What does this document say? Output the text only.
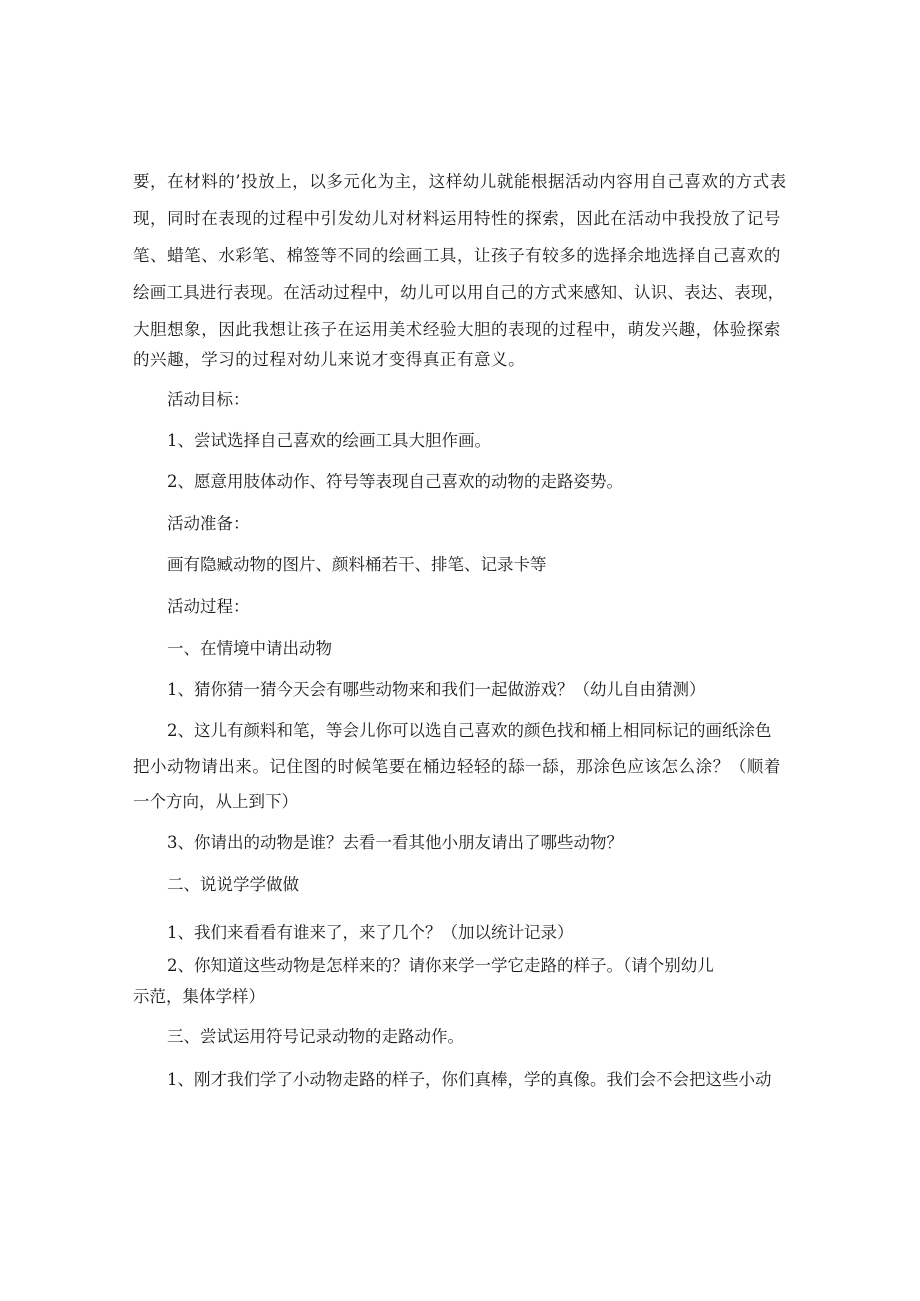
要，在材料的’投放上，以多元化为主，这样幼儿就能根据活动内容用自己喜欢的方式表

现，同时在表现的过程中引发幼儿对材料运用特性的探索，因此在活动中我投放了记号

笔、蜡笔、水彩笔、棉签等不同的绘画工具，让孩子有较多的选择余地选择自己喜欢的

绘画工具进行表现。在活动过程中，幼儿可以用自己的方式来感知、认识、表达、表现，

大胆想象，因此我想让孩子在运用美术经验大胆的表现的过程中，萌发兴趣，体验探索

的兴趣，学习的过程对幼儿来说才变得真正有意义。

活动目标：

1、尝试选择自己喜欢的绘画工具大胆作画。

2、愿意用肢体动作、符号等表现自己喜欢的动物的走路姿势。

活动准备：

画有隐臧动物的图片、颜料桶若干、排笔、记录卡等

活动过程：

一、在情境中请出动物

1、猜你猜一猜今天会有哪些动物来和我们一起做游戏？（幼儿自由猜测）

2、这儿有颜料和笔，等会儿你可以选自己喜欢的颜色找和桶上相同标记的画纸涂色

把小动物请出来。记住图的时候笔要在桶边轻轻的舔一舔，那涂色应该怎么涂？（顺着

一个方向，从上到下）

3、你请出的动物是谁？去看一看其他小朋友请出了哪些动物？

二、说说学学做做

1、我们来看看有谁来了，来了几个？（加以统计记录）

2、你知道这些动物是怎样来的？请你来学一学它走路的样子。（请个别幼儿

示范，集体学样）

三、尝试运用符号记录动物的走路动作。

1、刚才我们学了小动物走路的样子，你们真棒，学的真像。我们会不会把这些小动
